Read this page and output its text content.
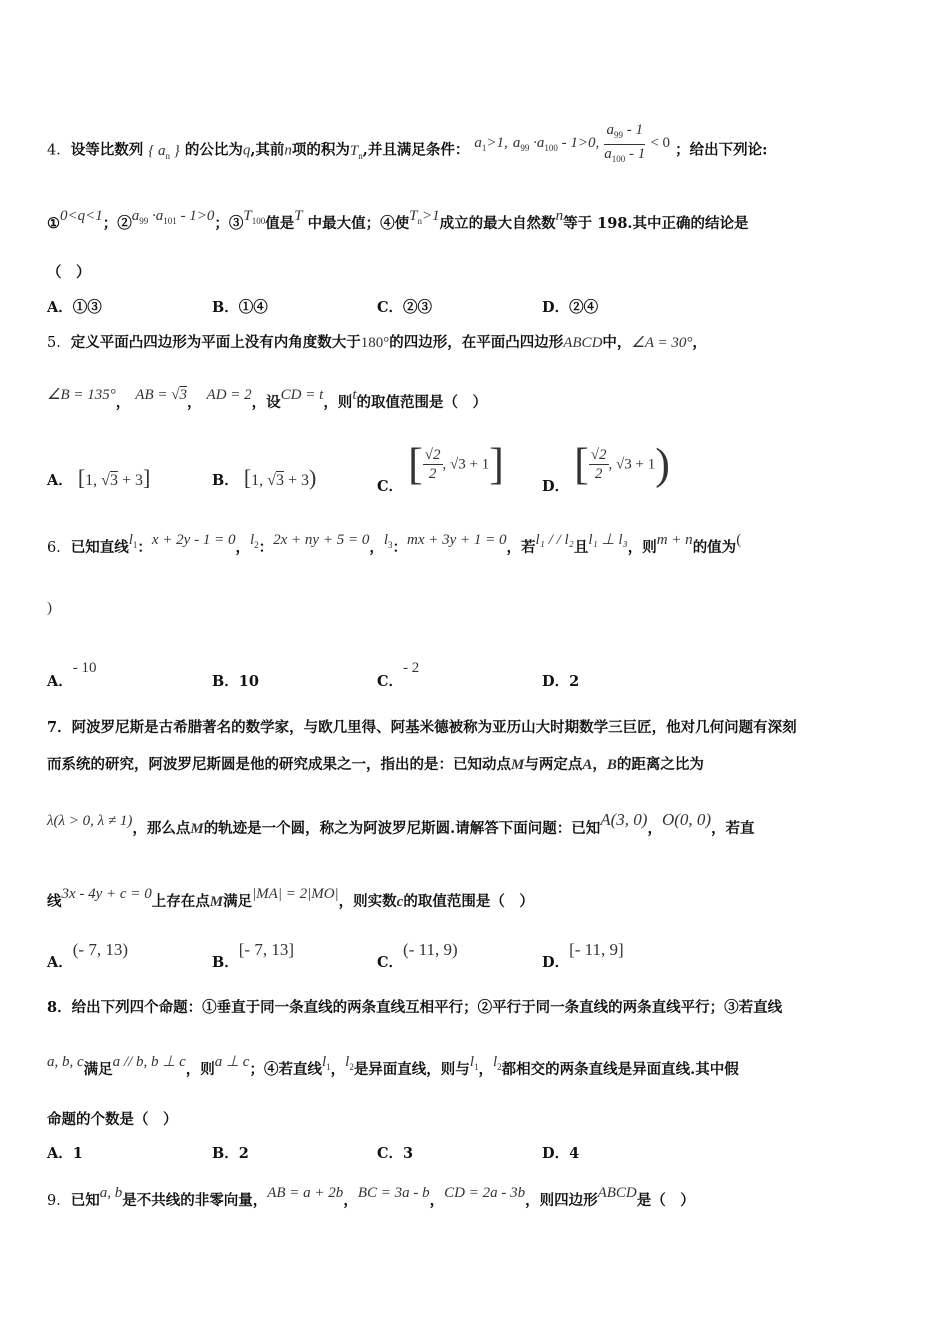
4．设等比数列 { $a_n$ } 的公比为q,其前n项的积为$T_n$,并且满足条件： $a_1>1$, $a_{99} \cdot a_{100} - 1>0$, $\frac{a_{99} - 1}{a_{100} - 1} < 0$ ；给出下列论:
①0<q<1；$②a_{99} \cdot a_{101} - 1>0$；$③T_{100}$值是T 中最大值；④使$T_n>1$成立的最大自然数n等于 198.其中正确的结论是
（　）
A．①③	B．①④	C．②③	D．②④
5．定义平面凸四边形为平面上没有内角度数大于180°的四边形，在平面凸四边形ABCD中，∠A = 30°，
∠B = 135°， AB = √3， AD = 2，设CD = t，则t的取值范围是（　）
A． [1, √3 + 3]	B． [1, √3 + 3)	C． [ $\frac{√2}{2}$ , √3 + 1]	D． [ $\frac{√2}{2}$ , √3 + 1)
6．已知直线$l_1$：x + 2y - 1 = 0，$l_2$：2x + ny + 5 = 0，$l_3$：mx + 3y + 1 = 0，若l₁ / / l₂且l₁ ⊥ l₃，则m + n的值为(
)
A．- 10
B．10	C．- 2
D．2
7．阿波罗尼斯是古希腊著名的数学家，与欧几里得、阿基米德被称为亚历山大时期数学三巨匠，他对几何问题有深刻
而系统的研究，阿波罗尼斯圆是他的研究成果之一，指出的是：已知动点M与两定点A，B的距离之比为
λ(λ > 0, λ ≠ 1)，那么点M的轨迹是一个圆，称之为阿波罗尼斯圆.请解答下面问题：已知A(3, 0)，O(0, 0)，若直
线3x - 4y + c = 0上存在点M满足|MA| = 2|MO|，则实数c的取值范围是（　）
A．(- 7, 13)
B．[- 7, 13]
C．(- 11, 9)
D．[- 11, 9]
8．给出下列四个命题：①垂直于同一条直线的两条直线互相平行；②平行于同一条直线的两条直线平行；③若直线
a, b, c满足a // b, b ⊥ c，则a ⊥ c；④若直线$l_1$，$l_2$是异面直线，则与$l_1$，$l_2$都相交的两条直线是异面直线.其中假
命题的个数是（　）
A．1	B．2	C．3	D．4
9．已知a, b是不共线的非零向量，AB = a + 2b，BC = 3a - b，CD = 2a - 3b，则四边形ABCD是（　）
